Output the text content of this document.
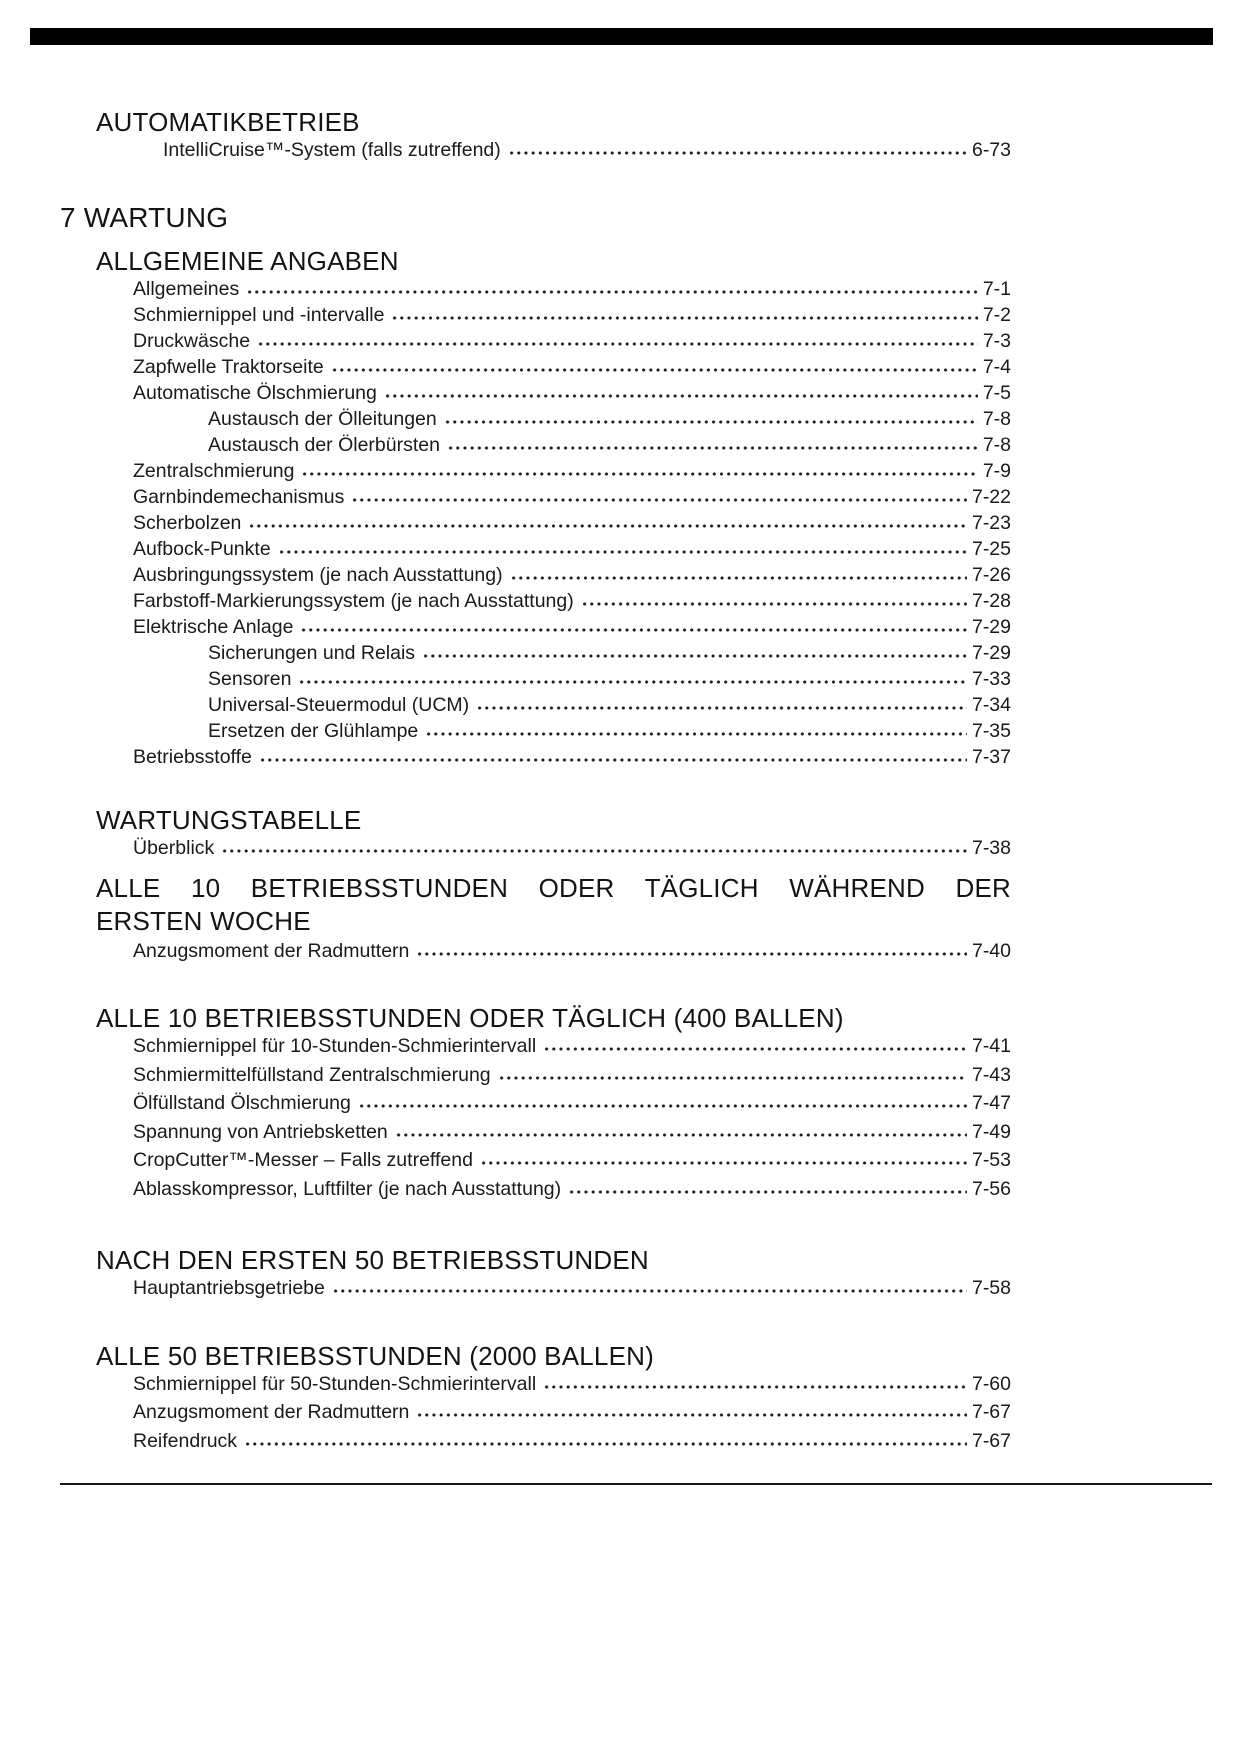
AUTOMATIKBETRIEB
IntelliCruise™-System (falls zutreffend)	6-73
7 WARTUNG
ALLGEMEINE ANGABEN
Allgemeines	7-1
Schmiernippel und -intervalle	7-2
Druckwäsche	7-3
Zapfwelle Traktorseite	7-4
Automatische Ölschmierung	7-5
Austausch der Ölleitungen	7-8
Austausch der Ölerbürsten	7-8
Zentralschmierung	7-9
Garnbindemechanismus	7-22
Scherbolzen	7-23
Aufbock-Punkte	7-25
Ausbringungssystem (je nach Ausstattung)	7-26
Farbstoff-Markierungssystem (je nach Ausstattung)	7-28
Elektrische Anlage	7-29
Sicherungen und Relais	7-29
Sensoren	7-33
Universal-Steuermodul (UCM)	7-34
Ersetzen der Glühlampe	7-35
Betriebsstoffe	7-37
WARTUNGSTABELLE
Überblick	7-38
ALLE 10 BETRIEBSSTUNDEN ODER TÄGLICH WÄHREND DER
ERSTEN WOCHE
Anzugsmoment der Radmuttern	7-40
ALLE 10 BETRIEBSSTUNDEN ODER TÄGLICH (400 BALLEN)
Schmiernippel für 10-Stunden-Schmierintervall	7-41
Schmiermittelfüllstand Zentralschmierung	7-43
Ölfüllstand Ölschmierung	7-47
Spannung von Antriebsketten	7-49
CropCutter™-Messer – Falls zutreffend	7-53
Ablasskompressor, Luftfilter (je nach Ausstattung)	7-56
NACH DEN ERSTEN 50 BETRIEBSSTUNDEN
Hauptantriebsgetriebe	7-58
ALLE 50 BETRIEBSSTUNDEN (2000 BALLEN)
Schmiernippel für 50-Stunden-Schmierintervall	7-60
Anzugsmoment der Radmuttern	7-67
Reifendruck	7-67
